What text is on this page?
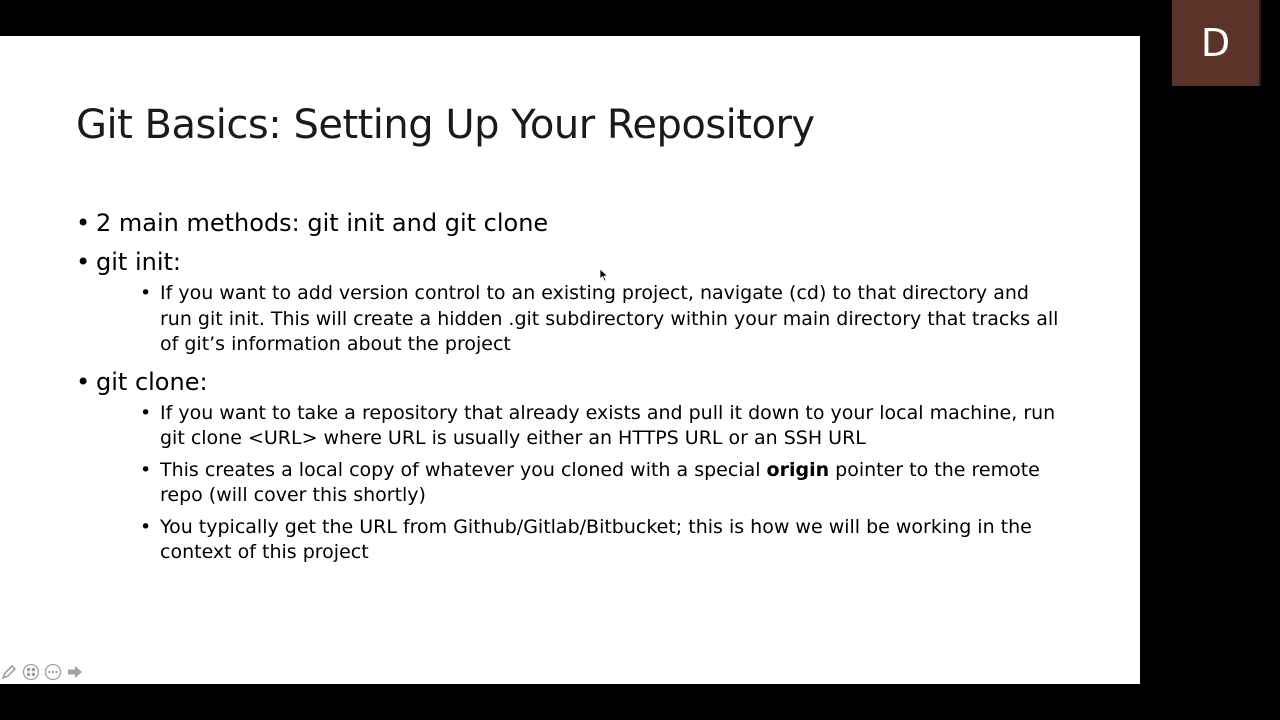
Git Basics: Setting Up Your Repository
• 2 main methods: git init and git clone
• git init:
• If you want to add version control to an existing project, navigate (cd) to that directory and run git init. This will create a hidden .git subdirectory within your main directory that tracks all of git’s information about the project
• git clone:
• If you want to take a repository that already exists and pull it down to your local machine, run git clone <URL> where URL is usually either an HTTPS URL or an SSH URL
• This creates a local copy of whatever you cloned with a special origin pointer to the remote repo (will cover this shortly)
• You typically get the URL from Github/Gitlab/Bitbucket; this is how we will be working in the context of this project
D
